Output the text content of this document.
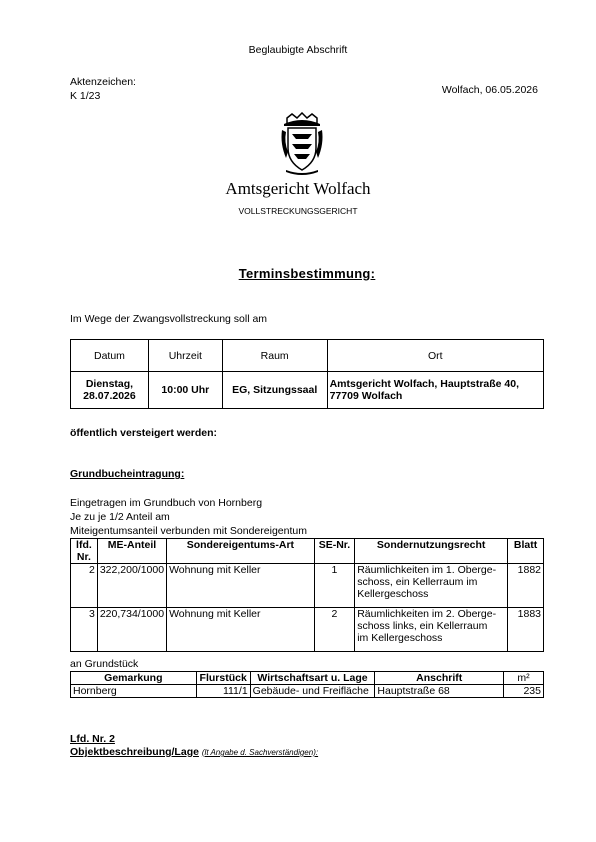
Beglaubigte Abschrift
Aktenzeichen:
K 1/23	Wolfach, 06.05.2026
Amtsgericht Wolfach
VOLLSTRECKUNGSGERICHT
Terminsbestimmung:
Im Wege der Zwangsvollstreckung soll am
Datum	Uhrzeit	Raum	Ort
Dienstag,
28.07.2026	10:00 Uhr	EG, Sitzungssaal	Amtsgericht Wolfach, Hauptstraße 40,
77709 Wolfach
öffentlich versteigert werden:
Grundbucheintragung:
Eingetragen im Grundbuch von Hornberg
Je zu je 1/2 Anteil am
Miteigentumsanteil verbunden mit Sondereigentum
lfd.
Nr.	ME-Anteil	Sondereigentums-Art	SE-Nr.	Sondernutzungsrecht	Blatt
2	322,200/1000	Wohnung mit Keller	1	Räumlichkeiten im 1. Oberge-
schoss, ein Kellerraum im
Kellergeschoss	1882
3	220,734/1000	Wohnung mit Keller	2	Räumlichkeiten im 2. Oberge-
schoss links, ein Kellerraum
im Kellergeschoss	1883
an Grundstück
Gemarkung	Flurstück	Wirtschaftsart u. Lage	Anschrift	m²
Hornberg	111/1	Gebäude- und Freifläche	Hauptstraße 68	235
Lfd. Nr. 2
Objektbeschreibung/Lage (lt Angabe d. Sachverständigen):
